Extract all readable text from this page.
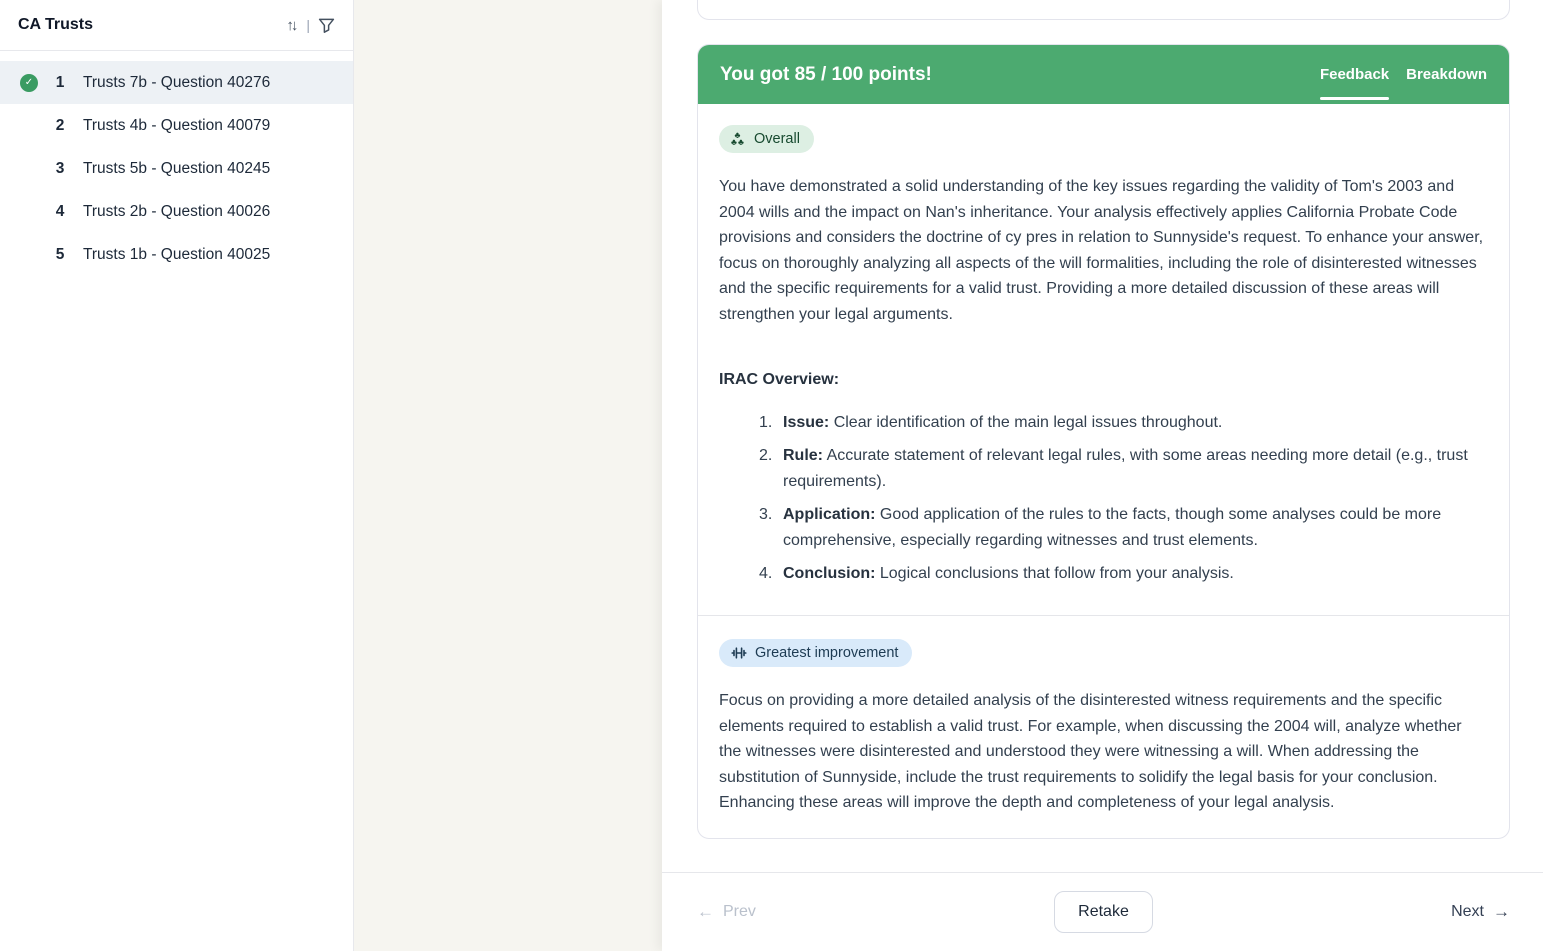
CA Trusts	↑↓ |
✓	1 Trusts 7b - Question 40276
2 Trusts 4b - Question 40079
3 Trusts 5b - Question 40245
4 Trusts 2b - Question 40026
5 Trusts 1b - Question 40025
You got 85 / 100 points!	Feedback Breakdown
♣
♣ ♣ Overall

You have demonstrated a solid understanding of the key issues regarding the validity of Tom's 2003 and 2004 wills and the impact on Nan's inheritance. Your analysis effectively applies California Probate Code provisions and considers the doctrine of cy pres in relation to Sunnyside's request. To enhance your answer, focus on thoroughly analyzing all aspects of the will formalities, including the role of disinterested witnesses and the specific requirements for a valid trust. Providing a more detailed discussion of these areas will strengthen your legal arguments.

IRAC Overview:
1. Issue: Clear identification of the main legal issues throughout.
2. Rule: Accurate statement of relevant legal rules, with some areas needing more detail (e.g., trust requirements).
3. Application: Good application of the rules to the facts, though some analyses could be more comprehensive, especially regarding witnesses and trust elements.
4. Conclusion: Logical conclusions that follow from your analysis.
Greatest improvement

Focus on providing a more detailed analysis of the disinterested witness requirements and the specific elements required to establish a valid trust. For example, when discussing the 2004 will, analyze whether the witnesses were disinterested and understood they were witnessing a will. When addressing the substitution of Sunnyside, include the trust requirements to solidify the legal basis for your conclusion. Enhancing these areas will improve the depth and completeness of your legal analysis.

← Prev	Retake	Next →
